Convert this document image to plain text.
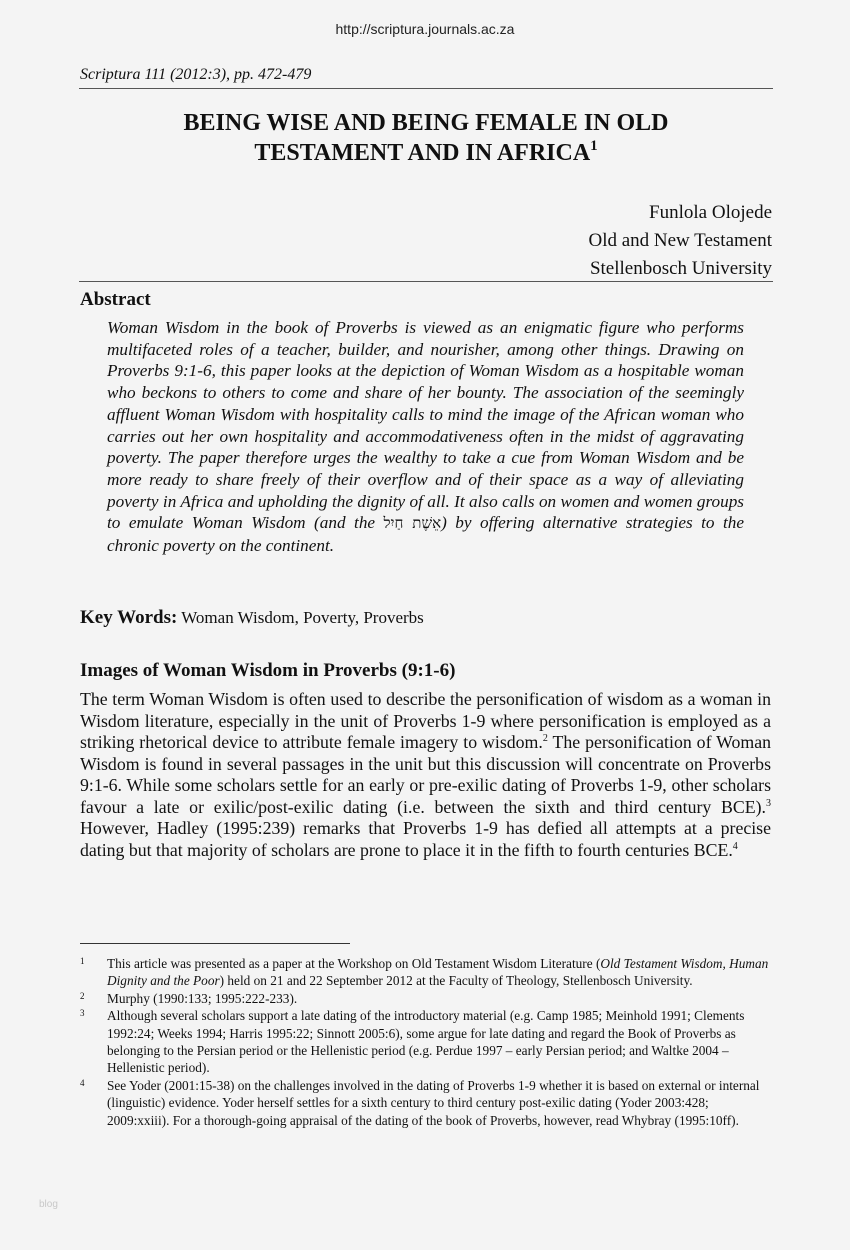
http://scriptura.journals.ac.za
Scriptura 111 (2012:3), pp. 472-479
BEING WISE AND BEING FEMALE IN OLD
TESTAMENT AND IN AFRICA$^1$
Funlola Olojede
Old and New Testament
Stellenbosch University
Abstract
Woman Wisdom in the book of Proverbs is viewed as an enigmatic figure who performs multifaceted roles of a teacher, builder, and nourisher, among other things. Drawing on Proverbs 9:1-6, this paper looks at the depiction of Woman Wisdom as a hospitable woman who beckons to others to come and share of her bounty. The association of the seemingly affluent Woman Wisdom with hospitality calls to mind the image of the African woman who carries out her own hospitality and accommodativeness often in the midst of aggravating poverty. The paper therefore urges the wealthy to take a cue from Woman Wisdom and be more ready to share freely of their overflow and of their space as a way of alleviating poverty in Africa and upholding the dignity of all. It also calls on women and women groups to emulate Woman Wisdom (and the אֵשֶׁת חַיִל) by offering alternative strategies to the chronic poverty on the continent.
Key Words: Woman Wisdom, Poverty, Proverbs
Images of Woman Wisdom in Proverbs (9:1-6)
The term Woman Wisdom is often used to describe the personification of wisdom as a woman in Wisdom literature, especially in the unit of Proverbs 1-9 where personification is employed as a striking rhetorical device to attribute female imagery to wisdom.$^2$ The personification of Woman Wisdom is found in several passages in the unit but this discussion will concentrate on Proverbs 9:1-6. While some scholars settle for an early or pre-exilic dating of Proverbs 1-9, other scholars favour a late or exilic/post-exilic dating (i.e. between the sixth and third century BCE).$^3$ However, Hadley (1995:239) remarks that Proverbs 1-9 has defied all attempts at a precise dating but that majority of scholars are prone to place it in the fifth to fourth centuries BCE.$^4$
1 This article was presented as a paper at the Workshop on Old Testament Wisdom Literature (Old Testament Wisdom, Human Dignity and the Poor) held on 21 and 22 September 2012 at the Faculty of Theology, Stellenbosch University.
2 Murphy (1990:133; 1995:222-233).
3 Although several scholars support a late dating of the introductory material (e.g. Camp 1985; Meinhold 1991; Clements 1992:24; Weeks 1994; Harris 1995:22; Sinnott 2005:6), some argue for late dating and regard the Book of Proverbs as belonging to the Persian period or the Hellenistic period (e.g. Perdue 1997 – early Persian period; and Waltke 2004 – Hellenistic period).
4 See Yoder (2001:15-38) on the challenges involved in the dating of Proverbs 1-9 whether it is based on external or internal (linguistic) evidence. Yoder herself settles for a sixth century to third century post-exilic dating (Yoder 2003:428; 2009:xxiii). For a thorough-going appraisal of the dating of the book of Proverbs, however, read Whybray (1995:10ff).
blog
